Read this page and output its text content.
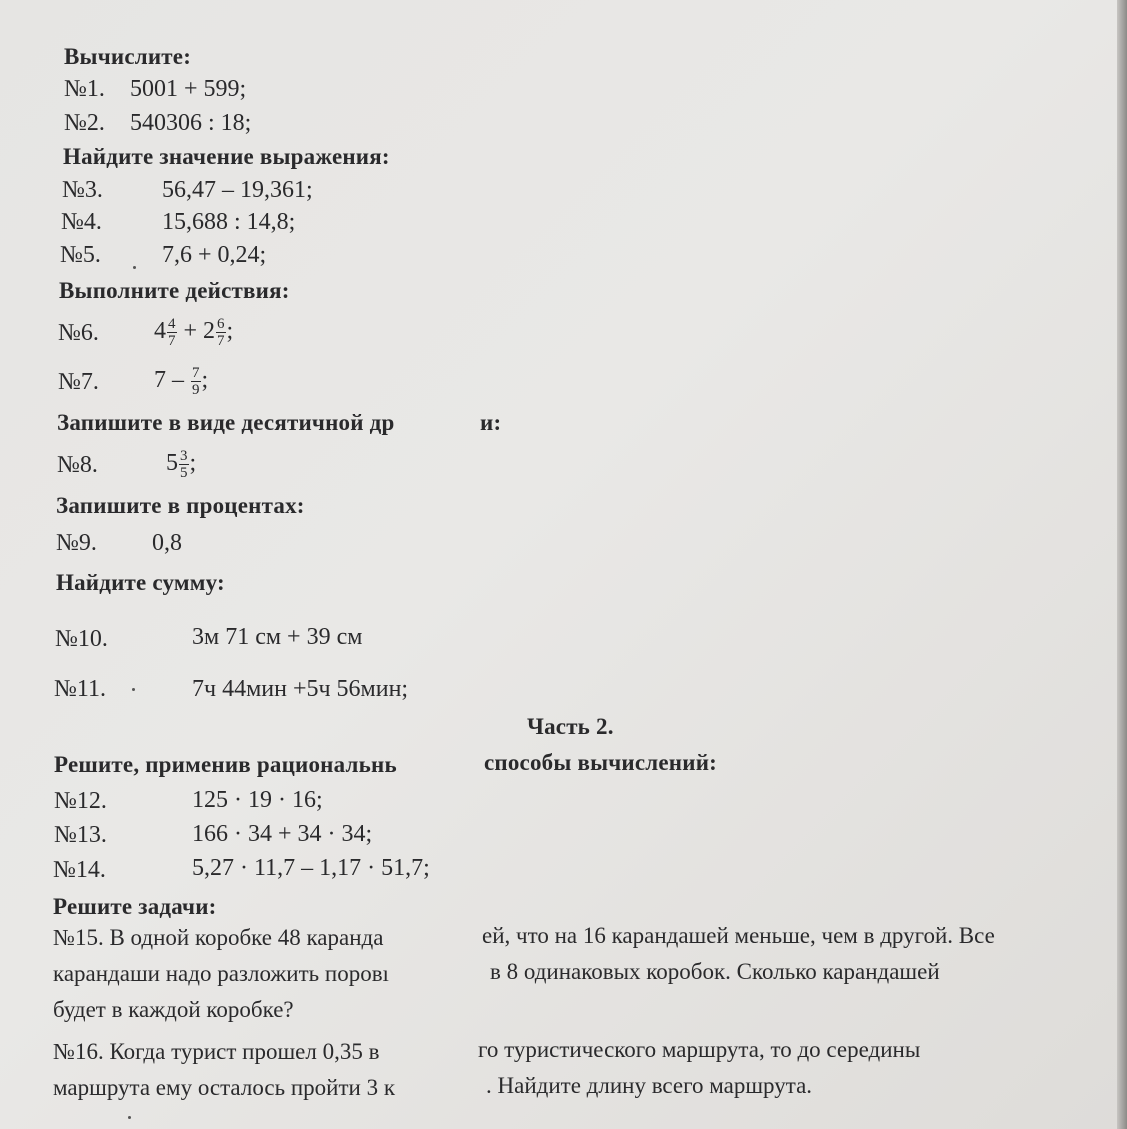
Вычислите:
№1. 5001 + 599;
№2. 540306 : 18;
Найдите значение выражения:
№3. 56,47 – 19,361;
№4.	15,688 : 14,8;
№5.	7,6 + 0,24;
Выполните действия:
№6. $4 \frac{4}{7} + 2 \frac{6}{7}$ ;
№7. $7 - \frac{7}{9}$ ;
Запишите в виде десятичной др	и:
№8.	$5 \frac{3}{5}$ ;
Запишите в процентах:
№9. 0,8
Найдите сумму:
№10.	3м 71 см + 39 см
№11.	7ч 44мин +5ч 56мин;
Часть 2.
Решите, применив рациональнь	способы вычислений:
№12.	125 · 19 · 16;
№13.	166 · 34 + 34 · 34;
№14.	5,27 · 11,7 – 1,17 · 51,7;
Решите задачи:
№15. В одной коробке 48 каранда	ей, что на 16 карандашей меньше, чем в другой. Все
карандаши надо разложить поровı	в 8 одинаковых коробок. Сколько карандашей
будет в каждой коробке?
№16. Когда турист прошел 0,35 в	го туристического маршрута, то до середины
маршрута ему осталось пройти 3 к	. Найдите длину всего маршрута.
